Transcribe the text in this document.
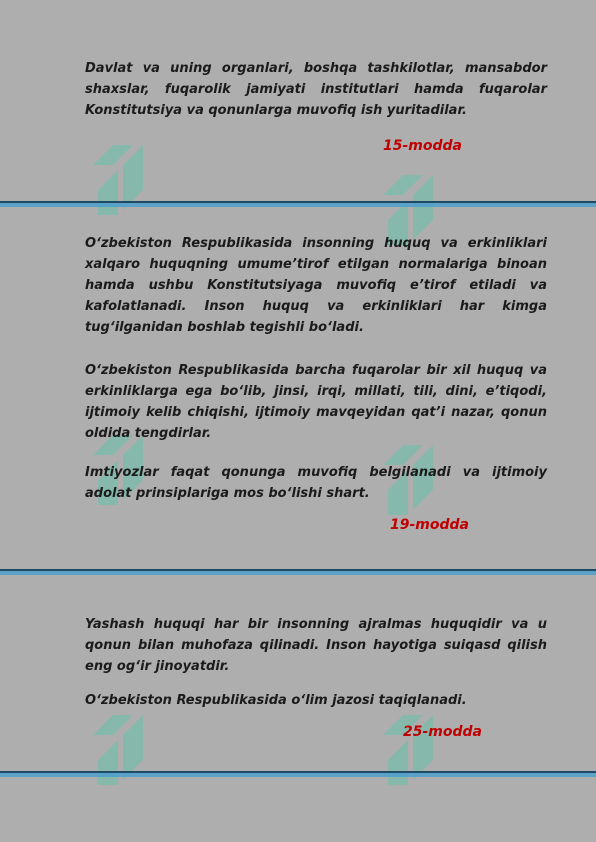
Davlat va uning organlari, boshqa tashkilotlar, mansabdor shaxslar, fuqarolik jamiyati institutlari hamda fuqarolar Konstitutsiya va qonunlarga muvofiq ish yuritadilar.

15-modda

O‘zbekiston Respublikasida insonning huquq va erkinliklari xalqaro huquqning umume’tirof etilgan normalariga binoan hamda ushbu Konstitutsiyaga muvofiq e’tirof etiladi va kafolatlanadi. Inson huquq va erkinliklari har kimga tug‘ilganidan boshlab tegishli bo‘ladi.

O‘zbekiston Respublikasida barcha fuqarolar bir xil huquq va erkinliklarga ega bo‘lib, jinsi, irqi, millati, tili, dini, e’tiqodi, ijtimoiy kelib chiqishi, ijtimoiy mavqeyidan qat’i nazar, qonun oldida tengdirlar.

Imtiyozlar faqat qonunga muvofiq belgilanadi va ijtimoiy adolat prinsiplariga mos bo‘lishi shart.

19-modda

Yashash huquqi har bir insonning ajralmas huquqidir va u qonun bilan muhofaza qilinadi. Inson hayotiga suiqasd qilish eng og‘ir jinoyatdir.

O‘zbekiston Respublikasida o‘lim jazosi taqiqlanadi.

25-modda
